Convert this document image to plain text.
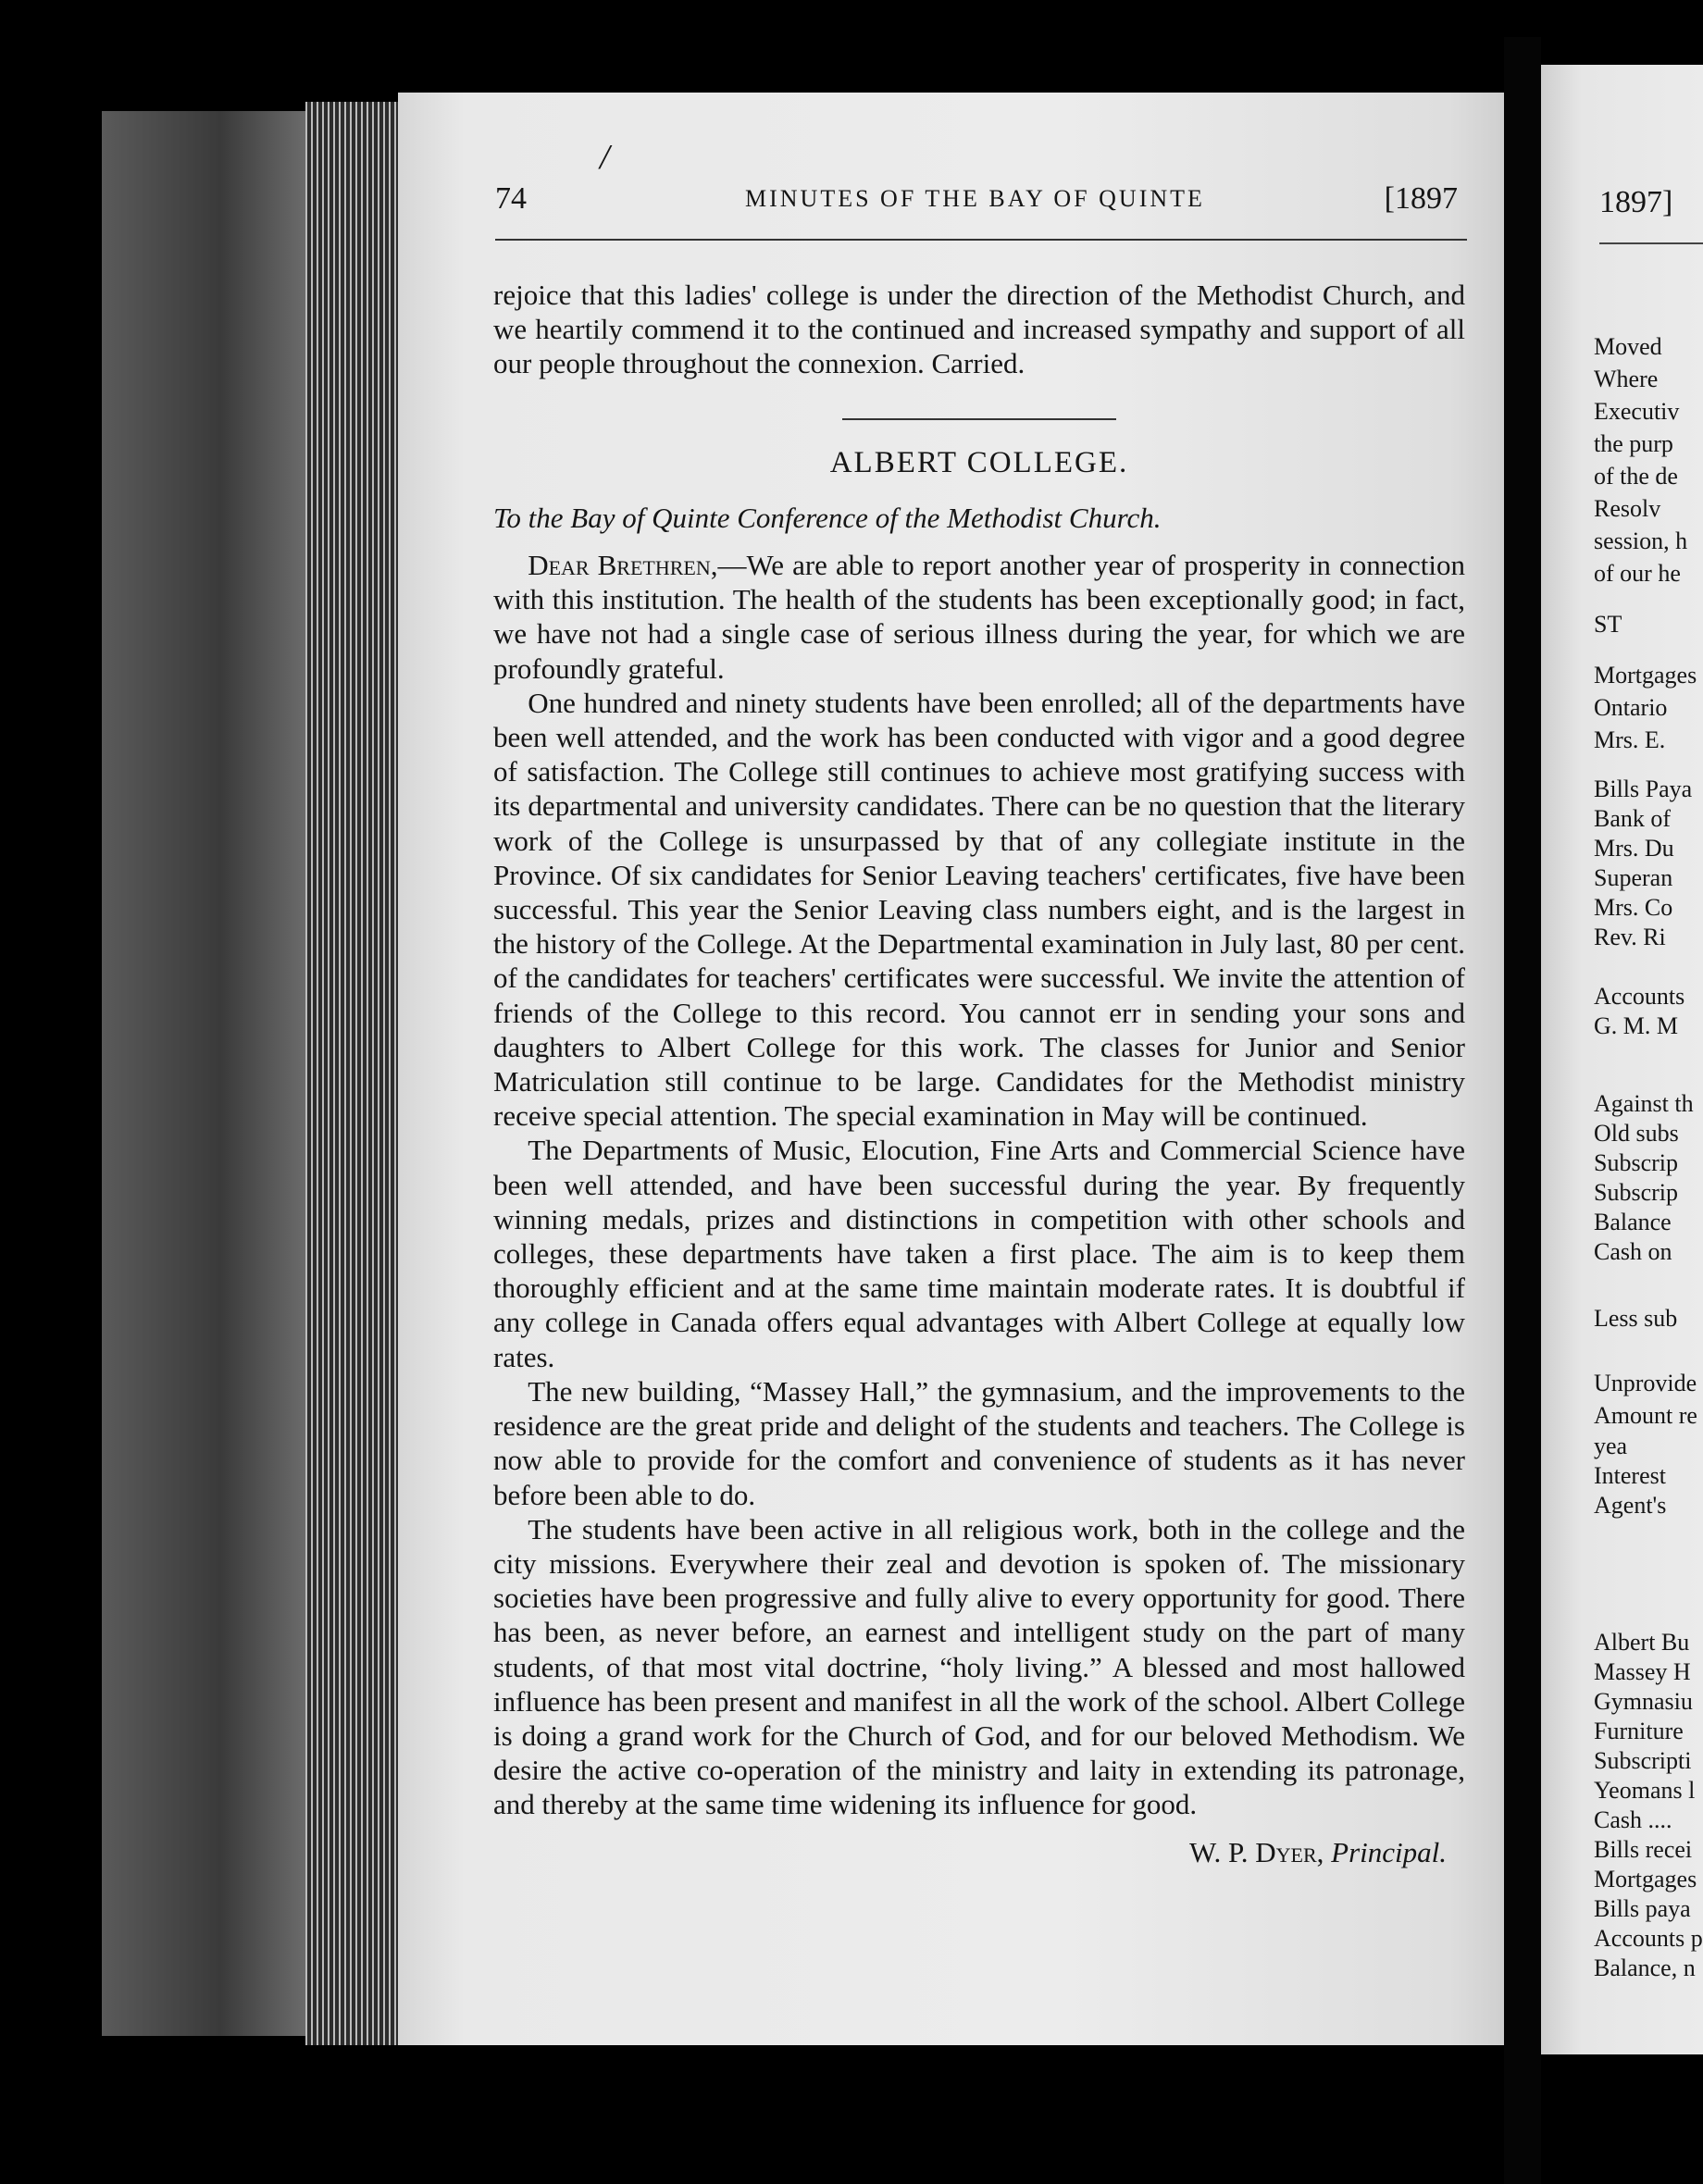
/
74	MINUTES OF THE BAY OF QUINTE	[1897

rejoice that this ladies' college is under the direction of the Methodist Church, and we heartily commend it to the continued and increased sympathy and support of all our people throughout the connexion. Carried.

ALBERT COLLEGE.
To the Bay of Quinte Conference of the Methodist Church.

Dear Brethren,—We are able to report another year of prosperity in connection with this institution. The health of the students has been exceptionally good; in fact, we have not had a single case of serious illness during the year, for which we are profoundly grateful.

One hundred and ninety students have been enrolled; all of the departments have been well attended, and the work has been conducted with vigor and a good degree of satisfaction. The College still continues to achieve most gratifying success with its departmental and university candidates. There can be no question that the literary work of the College is unsurpassed by that of any collegiate institute in the Province. Of six candidates for Senior Leaving teachers' certificates, five have been successful. This year the Senior Leaving class numbers eight, and is the largest in the history of the College. At the Departmental examination in July last, 80 per cent. of the candidates for teachers' certificates were successful. We invite the attention of friends of the College to this record. You cannot err in sending your sons and daughters to Albert College for this work. The classes for Junior and Senior Matriculation still continue to be large. Candidates for the Methodist ministry receive special attention. The special examination in May will be continued.

The Departments of Music, Elocution, Fine Arts and Commercial Science have been well attended, and have been successful during the year. By frequently winning medals, prizes and distinctions in competition with other schools and colleges, these departments have taken a first place. The aim is to keep them thoroughly efficient and at the same time maintain moderate rates. It is doubtful if any college in Canada offers equal advantages with Albert College at equally low rates.

The new building, “Massey Hall,” the gymnasium, and the improvements to the residence are the great pride and delight of the students and teachers. The College is now able to provide for the comfort and convenience of students as it has never before been able to do.

The students have been active in all religious work, both in the college and the city missions. Everywhere their zeal and devotion is spoken of. The missionary societies have been progressive and fully alive to every opportunity for good. There has been, as never before, an earnest and intelligent study on the part of many students, of that most vital doctrine, “holy living.” A blessed and most hallowed influence has been present and manifest in all the work of the school. Albert College is doing a grand work for the Church of God, and for our beloved Methodism. We desire the active co-operation of the ministry and laity in extending its patronage, and thereby at the same time widening its influence for good.

W. P. Dyer, Principal.
1897]
Moved
Where
Executiv
the purp
of the de
Resolv
session, h
of our he
ST
Mortgages
Ontario
Mrs. E.
Bills Paya
Bank of
Mrs. Du
Superan
Mrs. Co
Rev. Ri
Accounts
G. M. M
Against th
Old subs
Subscrip
Subscrip
Balance
Cash on
Less sub
Unprovide
Amount re
yea
Interest
Agent's
Albert Bu
Massey H
Gymnasiu
Furniture
Subscripti
Yeomans l
Cash ....
Bills recei
Mortgages
Bills paya
Accounts p
Balance, n
